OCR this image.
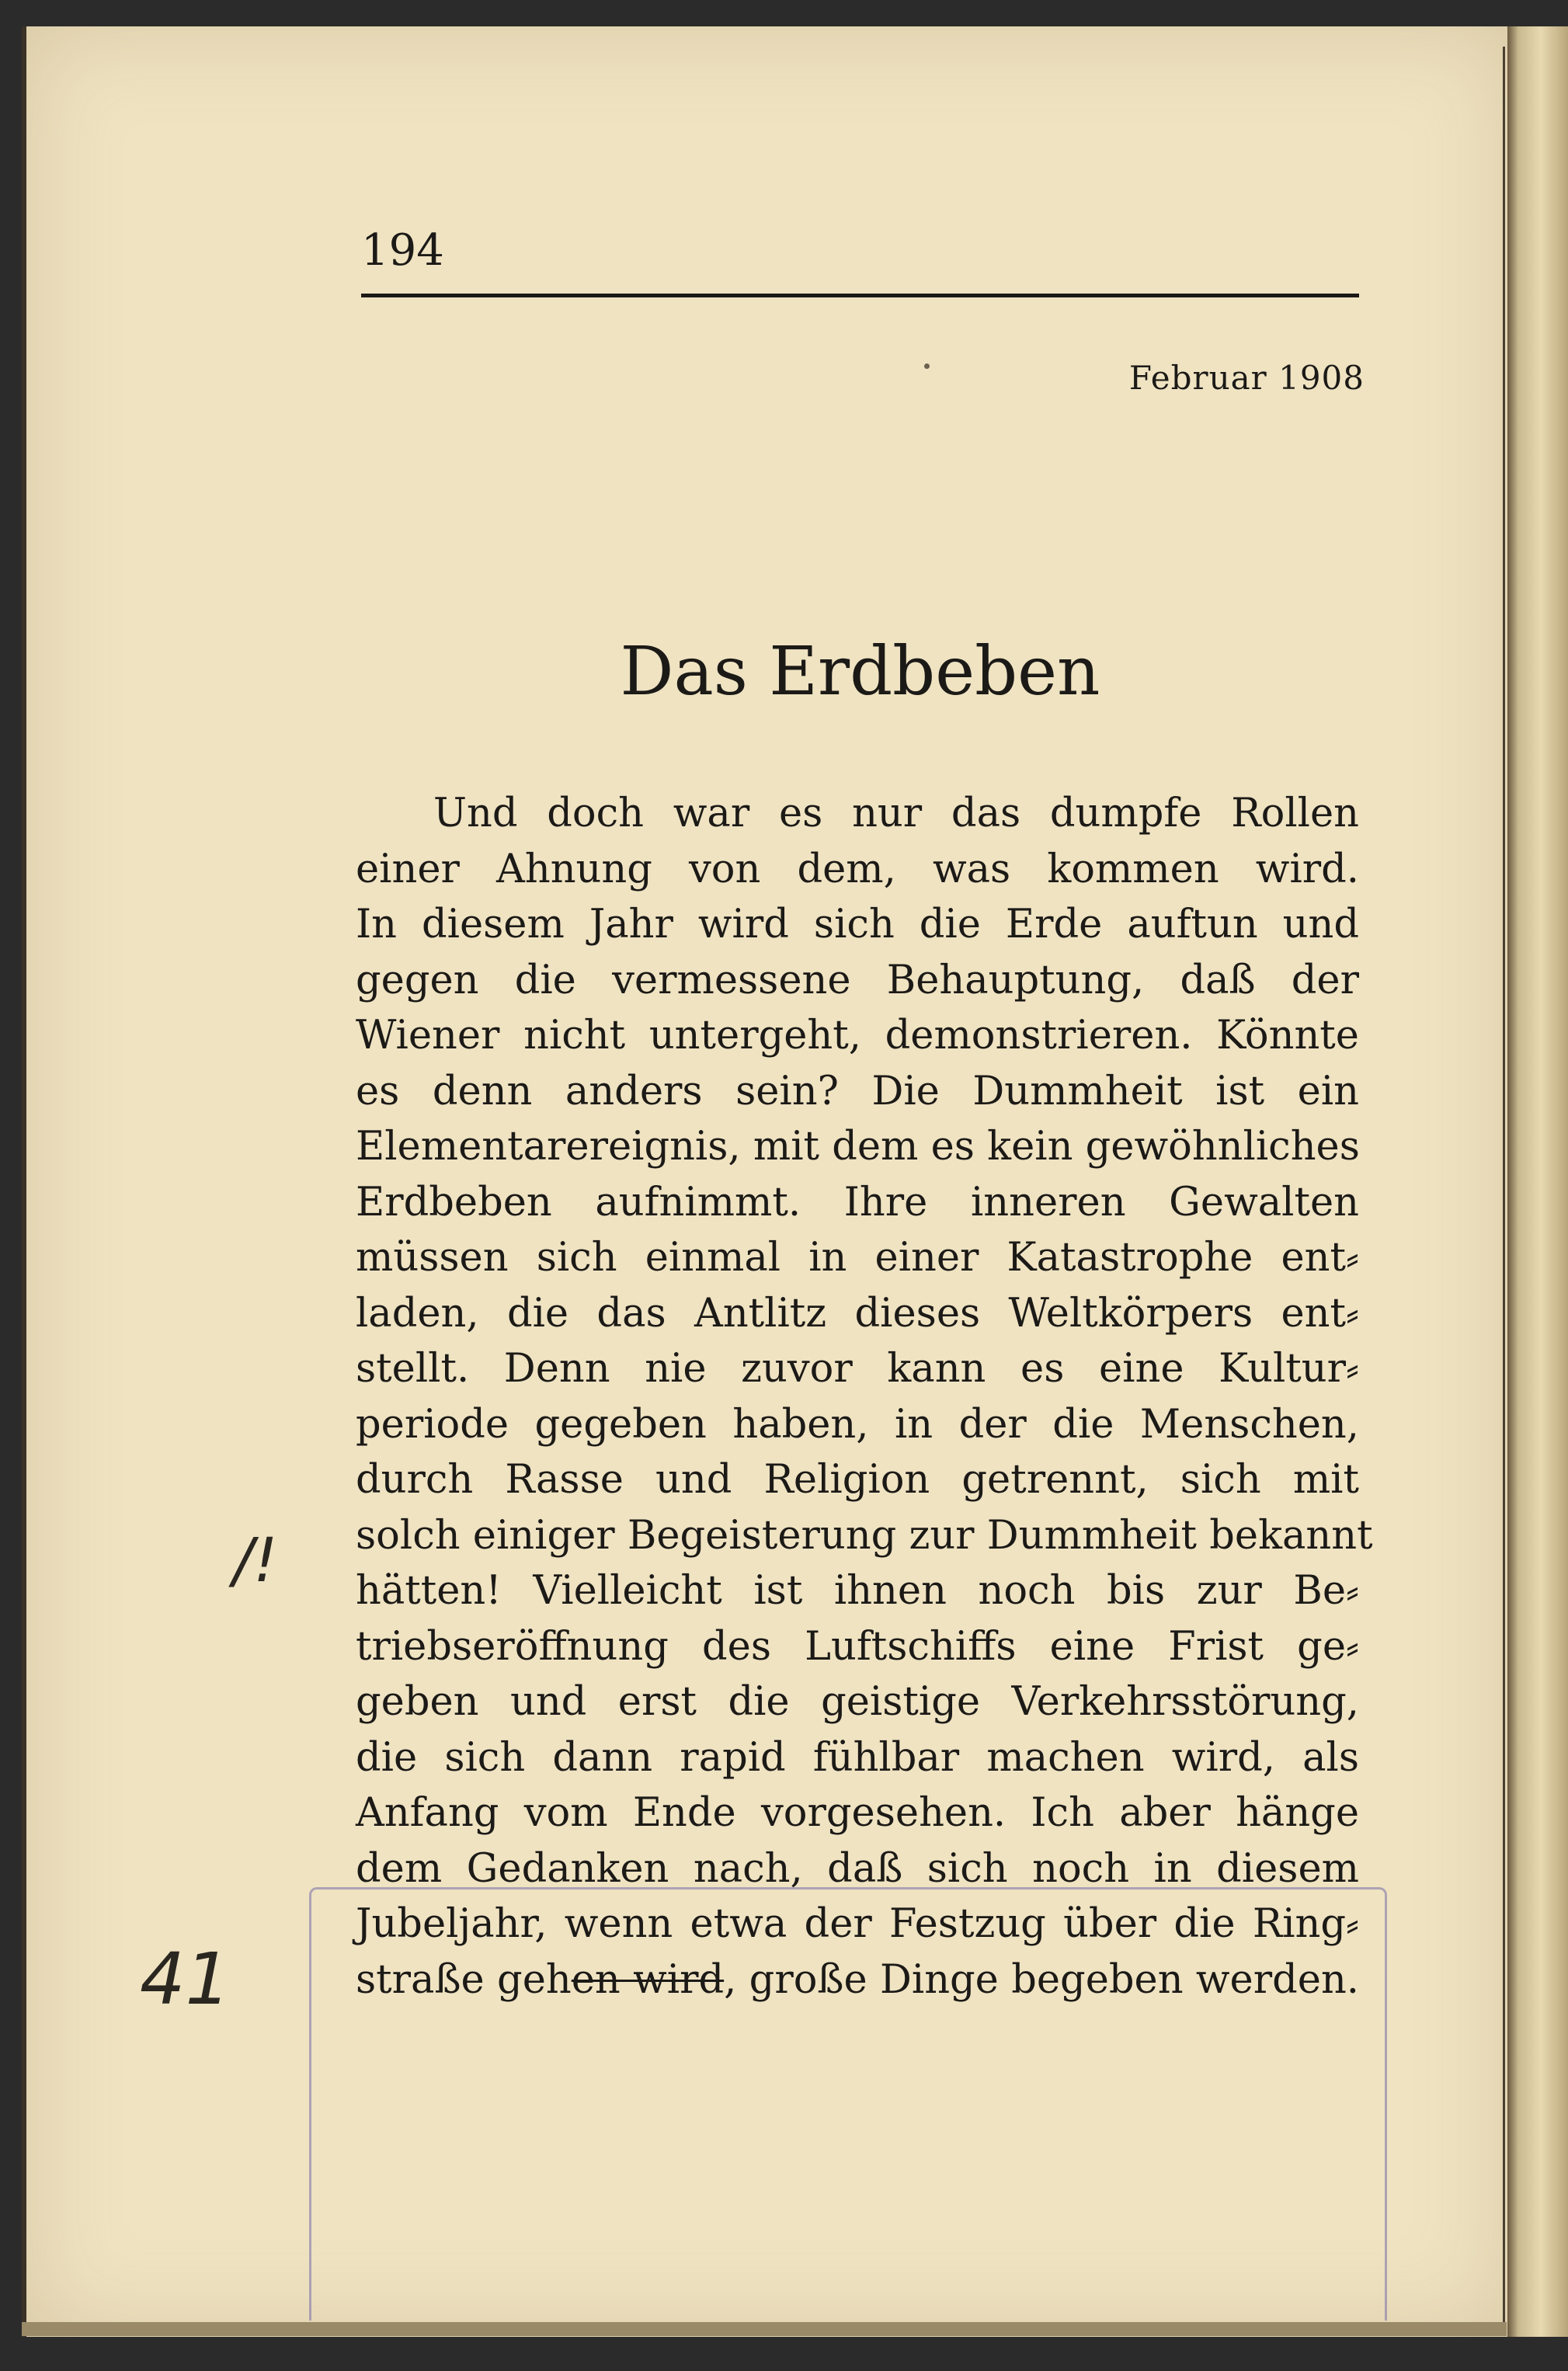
194
Februar 1908
Das Erdbeben
Und doch war es nur das dumpfe Rollen
einer Ahnung von dem, was kommen wird.
In diesem Jahr wird sich die Erde auftun und
gegen die vermessene Behauptung, daß der
Wiener nicht untergeht, demonstrieren. Könnte
es denn anders sein? Die Dummheit ist ein
Elementarereignis, mit dem es kein gewöhnliches
Erdbeben aufnimmt. Ihre inneren Gewalten
müssen sich einmal in einer Katastrophe ent⸗
laden, die das Antlitz dieses Weltkörpers ent⸗
stellt. Denn nie zuvor kann es eine Kultur⸗
periode gegeben haben, in der die Menschen,
durch Rasse und Religion getrennt, sich mit
solch einiger Begeisterung zur Dummheit bekannt
hätten! Vielleicht ist ihnen noch bis zur Be⸗
triebseröffnung des Luftschiffs eine Frist ge⸗
geben und erst die geistige Verkehrsstörung,
die sich dann rapid fühlbar machen wird, als
Anfang vom Ende vorgesehen. Ich aber hänge
dem Gedanken nach, daß sich noch in diesem
Jubeljahr, wenn etwa der Festzug über die Ring⸗
straße gehen wird, große Dinge begeben werden.
/!
41
